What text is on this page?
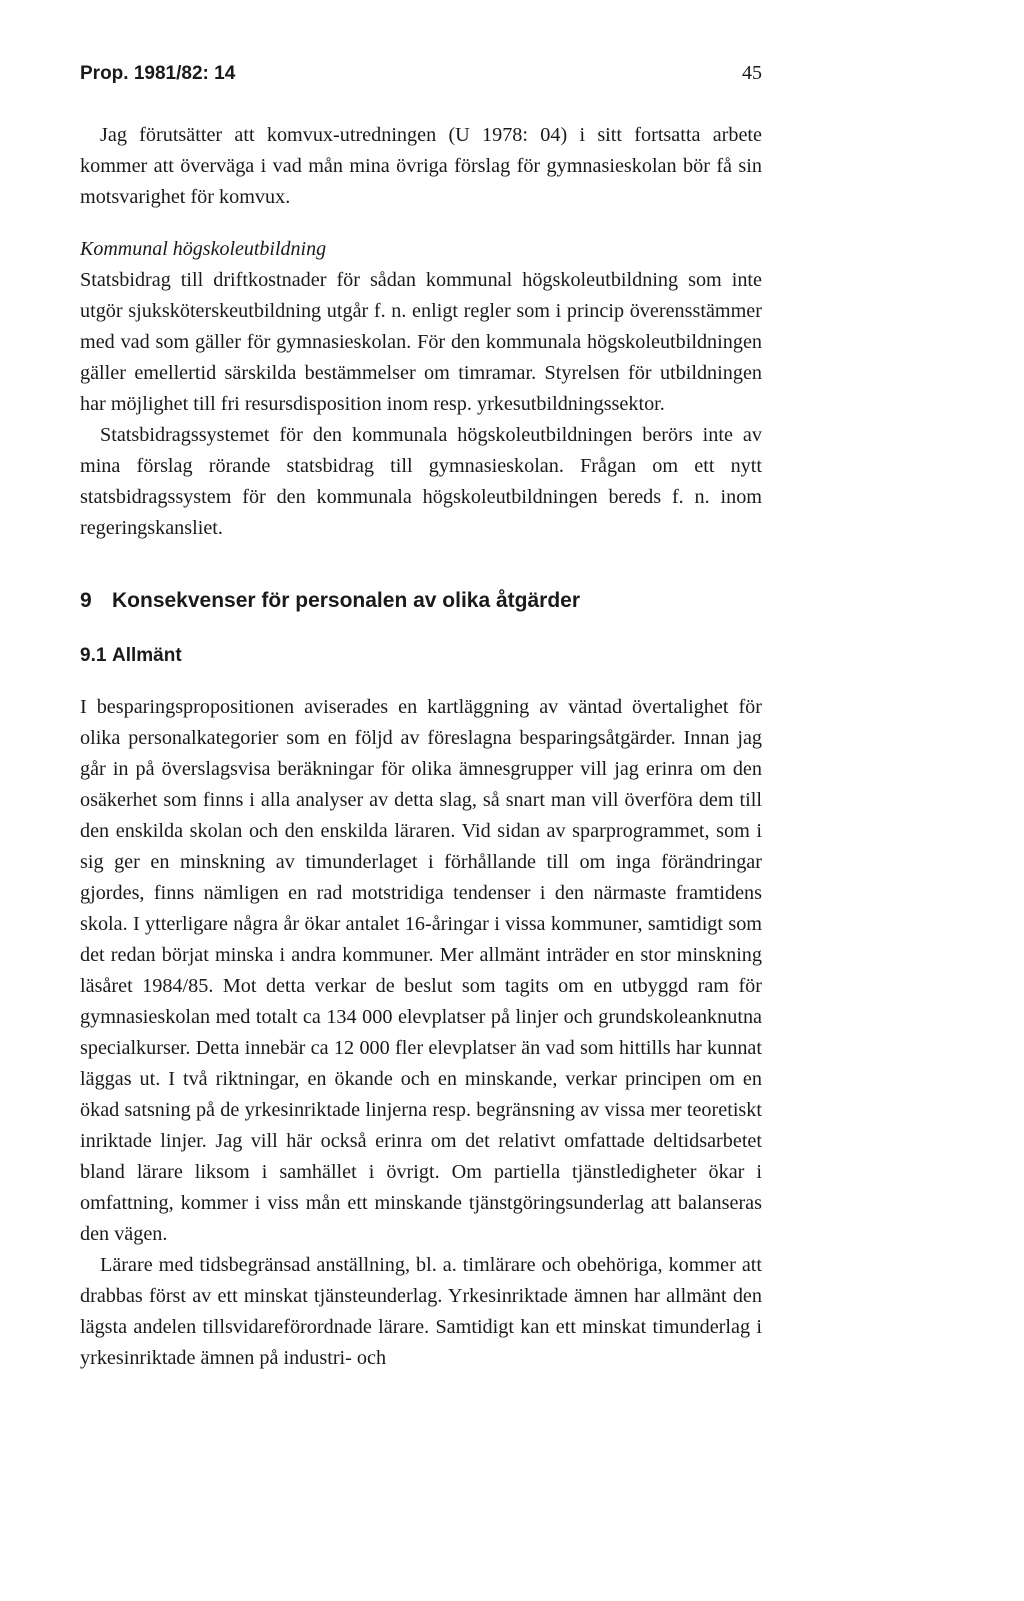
Prop. 1981/82: 14	45

Jag förutsätter att komvux-utredningen (U 1978: 04) i sitt fortsatta arbete kommer att överväga i vad mån mina övriga förslag för gymnasieskolan bör få sin motsvarighet för komvux.

Kommunal högskoleutbildning

Statsbidrag till driftkostnader för sådan kommunal högskoleutbildning som inte utgör sjuksköterskeutbildning utgår f. n. enligt regler som i princip överensstämmer med vad som gäller för gymnasieskolan. För den kommunala högskoleutbildningen gäller emellertid särskilda bestämmelser om timramar. Styrelsen för utbildningen har möjlighet till fri resursdisposition inom resp. yrkesutbildningssektor.

Statsbidragssystemet för den kommunala högskoleutbildningen berörs inte av mina förslag rörande statsbidrag till gymnasieskolan. Frågan om ett nytt statsbidragssystem för den kommunala högskoleutbildningen bereds f. n. inom regeringskansliet.

9 Konsekvenser för personalen av olika åtgärder
9.1 Allmänt

I besparingspropositionen aviserades en kartläggning av väntad övertalighet för olika personalkategorier som en följd av föreslagna besparingsåtgärder. Innan jag går in på överslagsvisa beräkningar för olika ämnesgrupper vill jag erinra om den osäkerhet som finns i alla analyser av detta slag, så snart man vill överföra dem till den enskilda skolan och den enskilda läraren. Vid sidan av sparprogrammet, som i sig ger en minskning av timunderlaget i förhållande till om inga förändringar gjordes, finns nämligen en rad motstridiga tendenser i den närmaste framtidens skola. I ytterligare några år ökar antalet 16-åringar i vissa kommuner, samtidigt som det redan börjat minska i andra kommuner. Mer allmänt inträder en stor minskning läsåret 1984/85. Mot detta verkar de beslut som tagits om en utbyggd ram för gymnasieskolan med totalt ca 134 000 elevplatser på linjer och grundskoleanknutna specialkurser. Detta innebär ca 12 000 fler elevplatser än vad som hittills har kunnat läggas ut. I två riktningar, en ökande och en minskande, verkar principen om en ökad satsning på de yrkesinriktade linjerna resp. begränsning av vissa mer teoretiskt inriktade linjer. Jag vill här också erinra om det relativt omfattade deltidsarbetet bland lärare liksom i samhället i övrigt. Om partiella tjänstledigheter ökar i omfattning, kommer i viss mån ett minskande tjänstgöringsunderlag att balanseras den vägen.

Lärare med tidsbegränsad anställning, bl. a. timlärare och obehöriga, kommer att drabbas först av ett minskat tjänsteunderlag. Yrkesinriktade ämnen har allmänt den lägsta andelen tillsvidareförordnade lärare. Samtidigt kan ett minskat timunderlag i yrkesinriktade ämnen på industri- och
